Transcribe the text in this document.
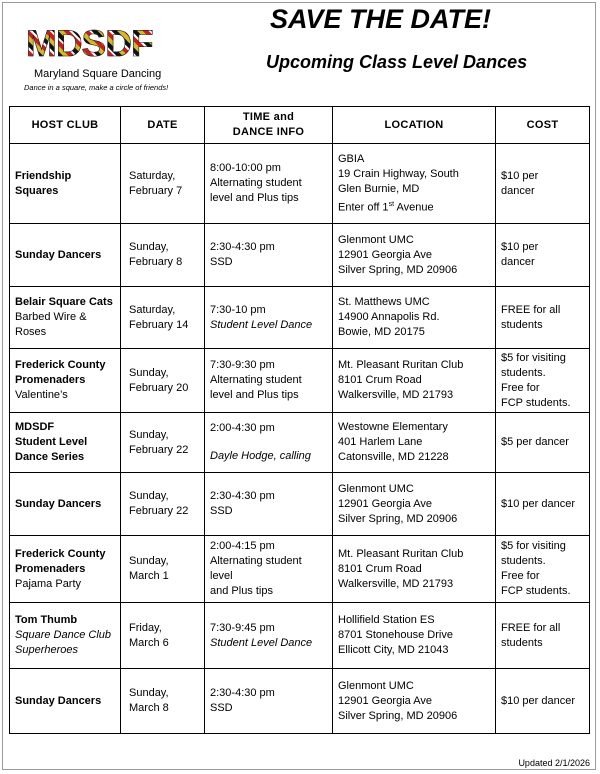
MDSDF
Maryland Square Dancing
Dance in a square, make a circle of friends!
SAVE THE DATE!
Upcoming Class Level Dances
HOST CLUB	DATE	TIME and
DANCE INFO	LOCATION	COST

Friendship
Squares	Saturday,
February 7	8:00-10:00 pm
Alternating student
level and Plus tips	GBIA
19 Crain Highway, South
Glen Burnie, MD
Enter off 1st Avenue	$10 per
dancer

Sunday Dancers	Sunday,
February 8	2:30-4:30 pm
SSD	Glenmont UMC
12901 Georgia Ave
Silver Spring, MD 20906	$10 per
dancer

Belair Square Cats
Barbed Wire &
Roses	Saturday,
February 14	7:30-10 pm
Student Level Dance	St. Matthews UMC
14900 Annapolis Rd.
Bowie, MD 20175	FREE for all
students

Frederick County
Promenaders
Valentine’s	Sunday,
February 20	7:30-9:30 pm
Alternating student
level and Plus tips	Mt. Pleasant Ruritan Club
8101 Crum Road
Walkersville, MD 21793	$5 for visiting
students.
Free for
FCP students.

MDSDF
Student Level
Dance Series	Sunday,
February 22	2:00-4:30 pm
Dayle Hodge, calling	Westowne Elementary
401 Harlem Lane
Catonsville, MD 21228	$5 per dancer

Sunday Dancers	Sunday,
February 22	2:30-4:30 pm
SSD	Glenmont UMC
12901 Georgia Ave
Silver Spring, MD 20906	$10 per dancer

Frederick County
Promenaders
Pajama Party	Sunday,
March 1	2:00-4:15 pm
Alternating student level
and Plus tips	Mt. Pleasant Ruritan Club
8101 Crum Road
Walkersville, MD 21793	$5 for visiting
students.
Free for
FCP students.

Tom Thumb
Square Dance Club
Superheroes	Friday,
March 6	7:30-9:45 pm
Student Level Dance	Hollifield Station ES
8701 Stonehouse Drive
Ellicott City, MD 21043	FREE for all
students

Sunday Dancers	Sunday,
March 8	2:30-4:30 pm
SSD	Glenmont UMC
12901 Georgia Ave
Silver Spring, MD 20906	$10 per dancer
Updated 2/1/2026
